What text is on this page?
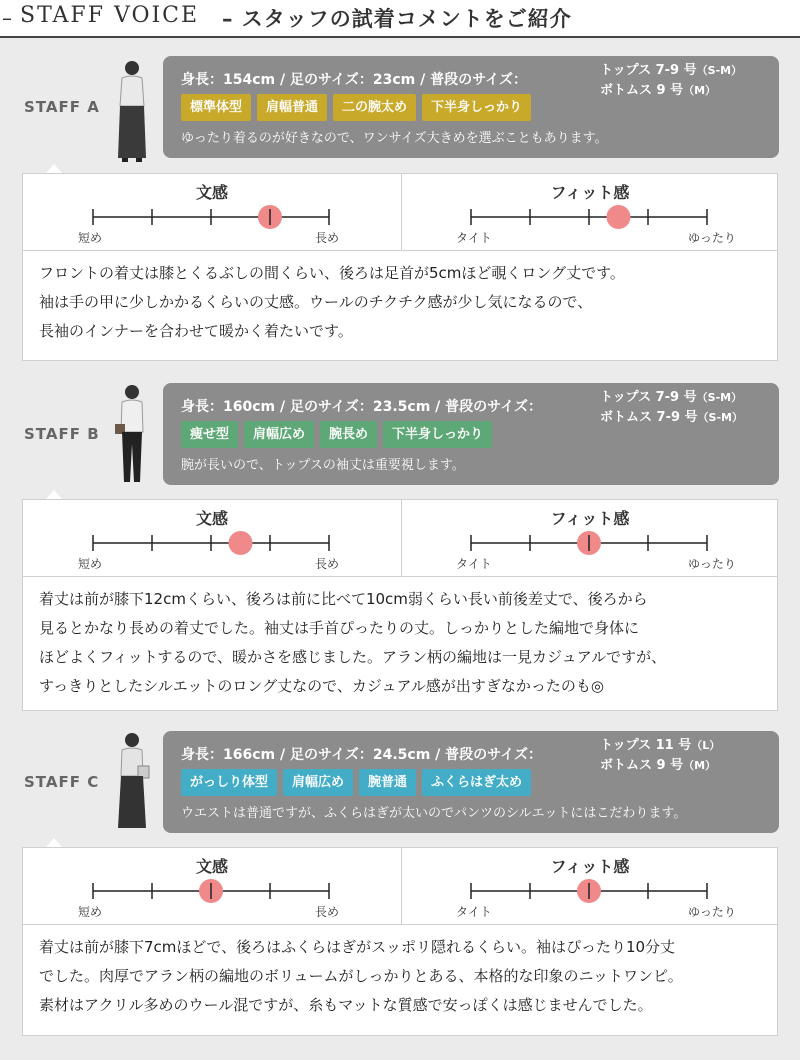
– STAFF VOICE – スタッフの試着コメントをご紹介
STAFF A
身長：154cm / 足のサイズ：23cm / 普段のサイズ：
トップス 7-9 号（S-M）
ボトムス 9 号（M）
標準体型 肩幅普通 二の腕太め 下半身しっかり
ゆったり着るのが好きなので、ワンサイズ大きめを選ぶこともあります。
文感
短め	長め
フィット感
タイト	ゆったり

フロントの着丈は膝とくるぶしの間くらい、後ろは足首が5cmほど覗くロング丈です。

袖は手の甲に少しかかるくらいの丈感。ウールのチクチク感が少し気になるので、

長袖のインナーを合わせて暖かく着たいです。

STAFF B
身長：160cm / 足のサイズ：23.5cm / 普段のサイズ：
トップス 7-9 号（S-M）
ボトムス 7-9 号（S-M）
痩せ型 肩幅広め 腕長め 下半身しっかり
腕が長いので、トップスの袖丈は重要視します。
文感
短め	長め
フィット感
タイト	ゆったり

着丈は前が膝下12cmくらい、後ろは前に比べて10cm弱くらい長い前後差丈で、後ろから

見るとかなり長めの着丈でした。袖丈は手首ぴったりの丈。しっかりとした編地で身体に

ほどよくフィットするので、暖かさを感じました。アラン柄の編地は一見カジュアルですが、

すっきりとしたシルエットのロング丈なので、カジュアル感が出すぎなかったのも◎

STAFF C
身長：166cm / 足のサイズ：24.5cm / 普段のサイズ：
トップス 11 号（L）
ボトムス 9 号（M）
がっしり体型 肩幅広め 腕普通 ふくらはぎ太め
ウエストは普通ですが、ふくらはぎが太いのでパンツのシルエットにはこだわります。
文感
短め	長め
フィット感
タイト	ゆったり

着丈は前が膝下7cmほどで、後ろはふくらはぎがスッポリ隠れるくらい。袖はぴったり10分丈

でした。肉厚でアラン柄の編地のボリュームがしっかりとある、本格的な印象のニットワンピ。

素材はアクリル多めのウール混ですが、糸もマットな質感で安っぽくは感じませんでした。
